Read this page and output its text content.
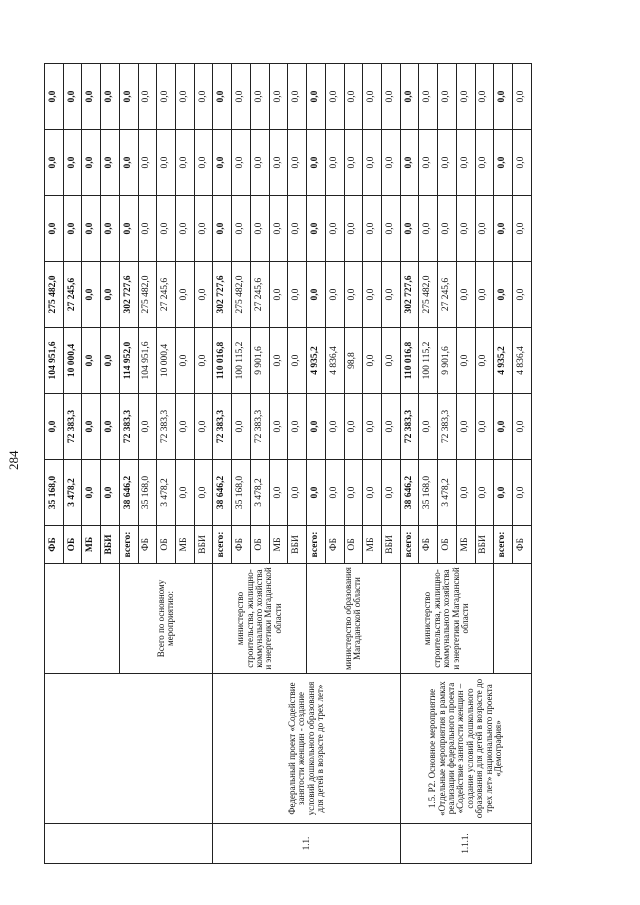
284
			ФБ	35 168,0	0,0	104 951,6	275 482,0	0,0	0,0	0,0
			ОБ	3 478,2	72 383,3	10 000,4	27 245,6	0,0	0,0	0,0
			МБ	0,0	0,0	0,0	0,0	0,0	0,0	0,0
			ВБИ	0,0	0,0	0,0	0,0	0,0	0,0	0,0
		Всего по основному мероприятию:	всего:	38 646,2	72 383,3	114 952,0	302 727,6	0,0	0,0	0,0
			ФБ	35 168,0	0,0	104 951,6	275 482,0	0,0	0,0	0,0
			ОБ	3 478,2	72 383,3	10 000,4	27 245,6	0,0	0,0	0,0
			МБ	0,0	0,0	0,0	0,0	0,0	0,0	0,0
			ВБИ	0,0	0,0	0,0	0,0	0,0	0,0	0,0
1.1.	Федеральный проект «Содействие занятости женщин - создание условий дошкольного образования для детей в возрасте до трех лет»	министерство строительства, жилищно-коммунального хозяйства и энергетики Магаданской области	всего:	38 646,2	72 383,3	110 016,8	302 727,6	0,0	0,0	0,0
			ФБ	35 168,0	0,0	100 115,2	275 482,0	0,0	0,0	0,0
			ОБ	3 478,2	72 383,3	9 901,6	27 245,6	0,0	0,0	0,0
			МБ	0,0	0,0	0,0	0,0	0,0	0,0	0,0
			ВБИ	0,0	0,0	0,0	0,0	0,0	0,0	0,0
		министерство образования Магаданской области	всего:	0,0	0,0	4 935,2	0,0	0,0	0,0	0,0
			ФБ	0,0	0,0	4 836,4	0,0	0,0	0,0	0,0
			ОБ	0,0	0,0	98,8	0,0	0,0	0,0	0,0
			МБ	0,0	0,0	0,0	0,0	0,0	0,0	0,0
			ВБИ	0,0	0,0	0,0	0,0	0,0	0,0	0,0
1.1.1.	1.5. Р2. Основное мероприятие «Отдельные мероприятия в рамках реализации федерального проекта «Содействие занятости женщин – создание условий дошкольного образования для детей в возрасте до трех лет» национального проекта «Демография»	министерство строительства, жилищно-коммунального хозяйства и энергетики Магаданской области	всего:	38 646,2	72 383,3	110 016,8	302 727,6	0,0	0,0	0,0
			ФБ	35 168,0	0,0	100 115,2	275 482,0	0,0	0,0	0,0
			ОБ	3 478,2	72 383,3	9 901,6	27 245,6	0,0	0,0	0,0
			МБ	0,0	0,0	0,0	0,0	0,0	0,0	0,0
			ВБИ	0,0	0,0	0,0	0,0	0,0	0,0	0,0
			всего:	0,0	0,0	4 935,2	0,0	0,0	0,0	0,0
			ФБ	0,0	0,0	4 836,4	0,0	0,0	0,0	0,0
